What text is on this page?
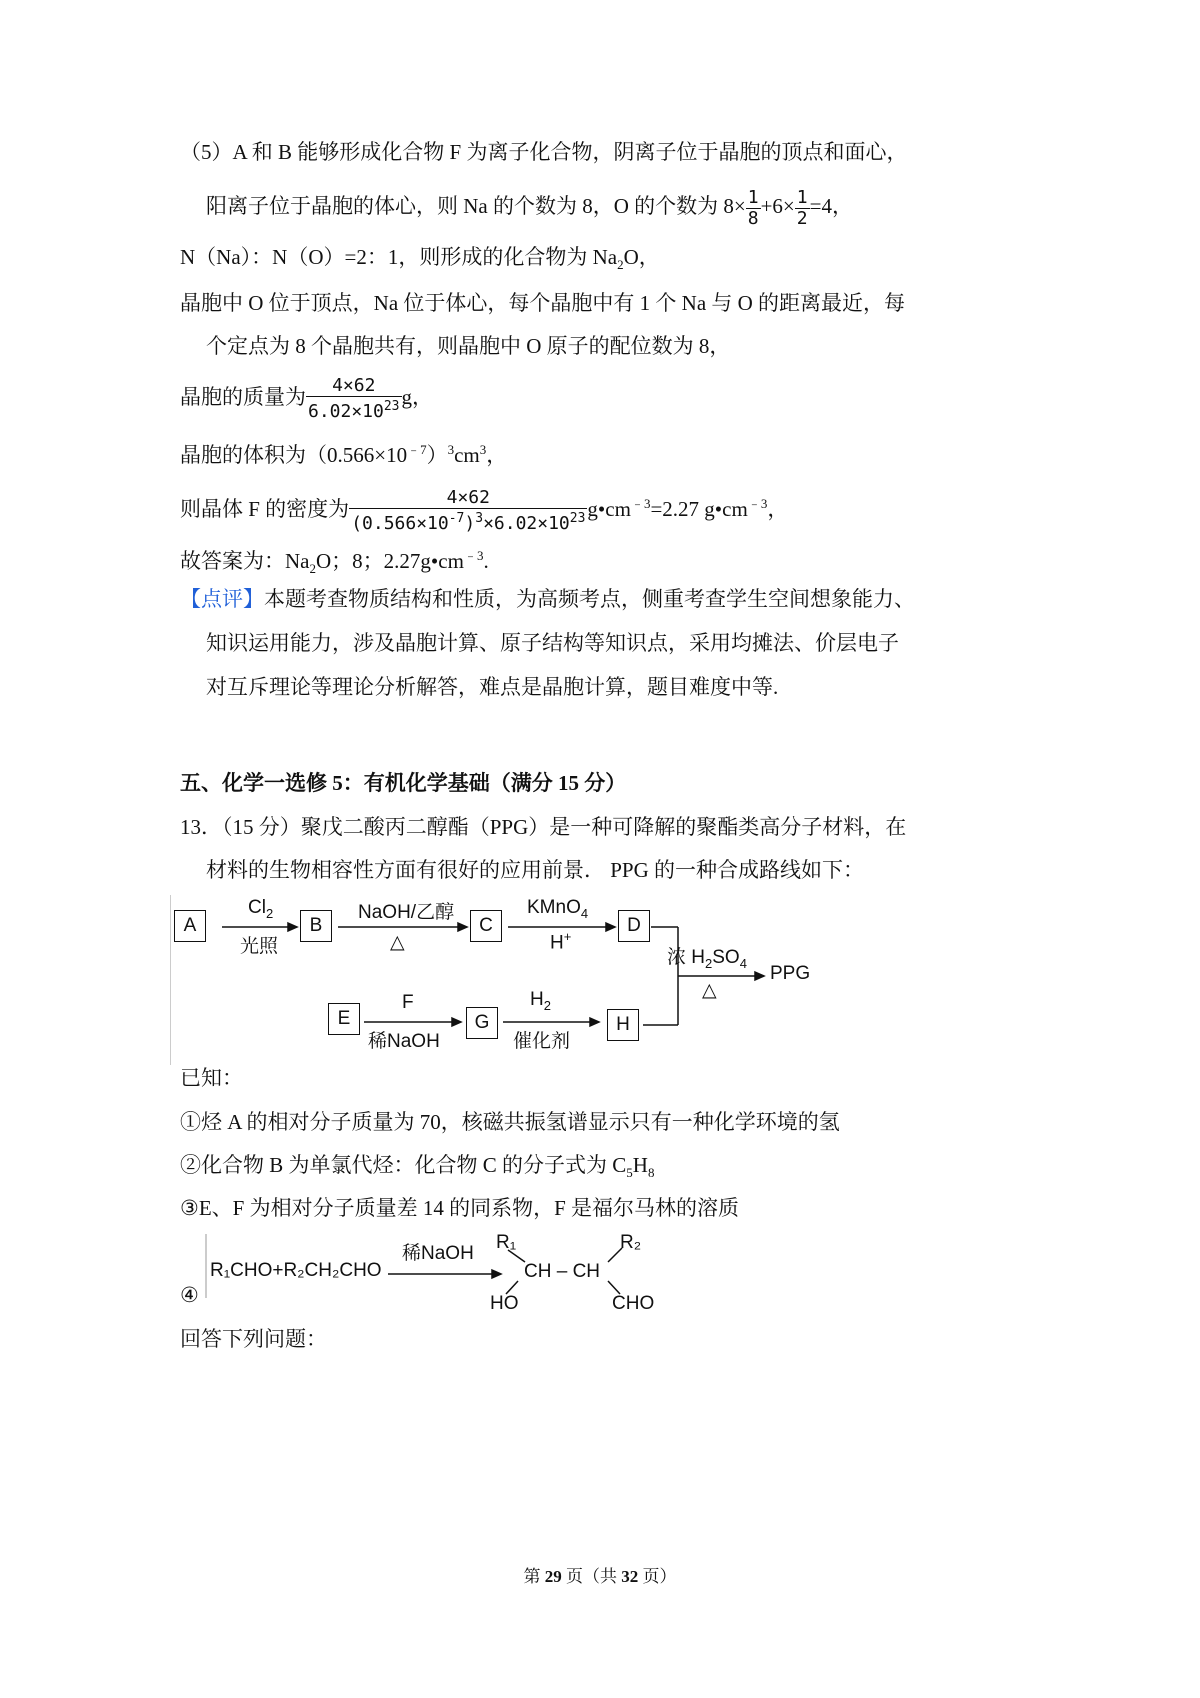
（5）A 和 B 能够形成化合物 F 为离子化合物，阴离子位于晶胞的顶点和面心，
阳离子位于晶胞的体心，则 Na 的个数为 8，O 的个数为 $8\times \frac{1}{8} +6\times \frac{1}{2} =4$，
N（Na）：N（O）=2：1，则形成的化合物为 $Na_2O$，
晶胞中 O 位于顶点，Na 位于体心，每个晶胞中有 1 个 Na 与 O 的距离最近，每
个定点为 8 个晶胞共有，则晶胞中 O 原子的配位数为 8，
晶胞的质量为 $\frac{4\times 62}{6.02\times 10^{23}}$ g，
晶胞的体积为$(0.566\times 10^{﹣7})^3cm^3$，
则晶体 F 的密度为 $\frac{4\times 62}{(0.566\times 10^{-7})^3\times 6.02\times 10^{23}}$ $g•cm^{﹣3}=2.27$ $g•cm^{﹣3}$，
故答案为：$Na_2O$；8；$2.27g•cm^{﹣3}$.
【点评】本题考查物质结构和性质，为高频考点，侧重考查学生空间想象能力、
知识运用能力，涉及晶胞计算、原子结构等知识点，采用均摊法、价层电子
对互斥理论等理论分析解答，难点是晶胞计算，题目难度中等.
五、化学一选修 5：有机化学基础（满分 15 分）
13．（15 分）聚戊二酸丙二醇酯（PPG）是一种可降解的聚酯类高分子材料，在
材料的生物相容性方面有很好的应用前景． PPG 的一种合成路线如下：
A	B	C	D
E	G	H
$Cl_2$
光照
NaOH/乙醇
△
KMnO$_4$
H+
浓 $H_2SO_4$
△
PPG
F
稀NaOH
$H_2$
催化剂
已知：
①烃 A 的相对分子质量为 70，核磁共振氢谱显示只有一种化学环境的氢
②化合物 B 为单氯代烃：化合物 C 的分子式为 $C_5H_8$
③E、F 为相对分子质量差 14 的同系物，F 是福尔马林的溶质
④
R₁CHO+R₂CH₂CHO
稀NaOH
R₁	R₂
CH – CH
HO	CHO
回答下列问题：
第 29 页（共 32 页）
